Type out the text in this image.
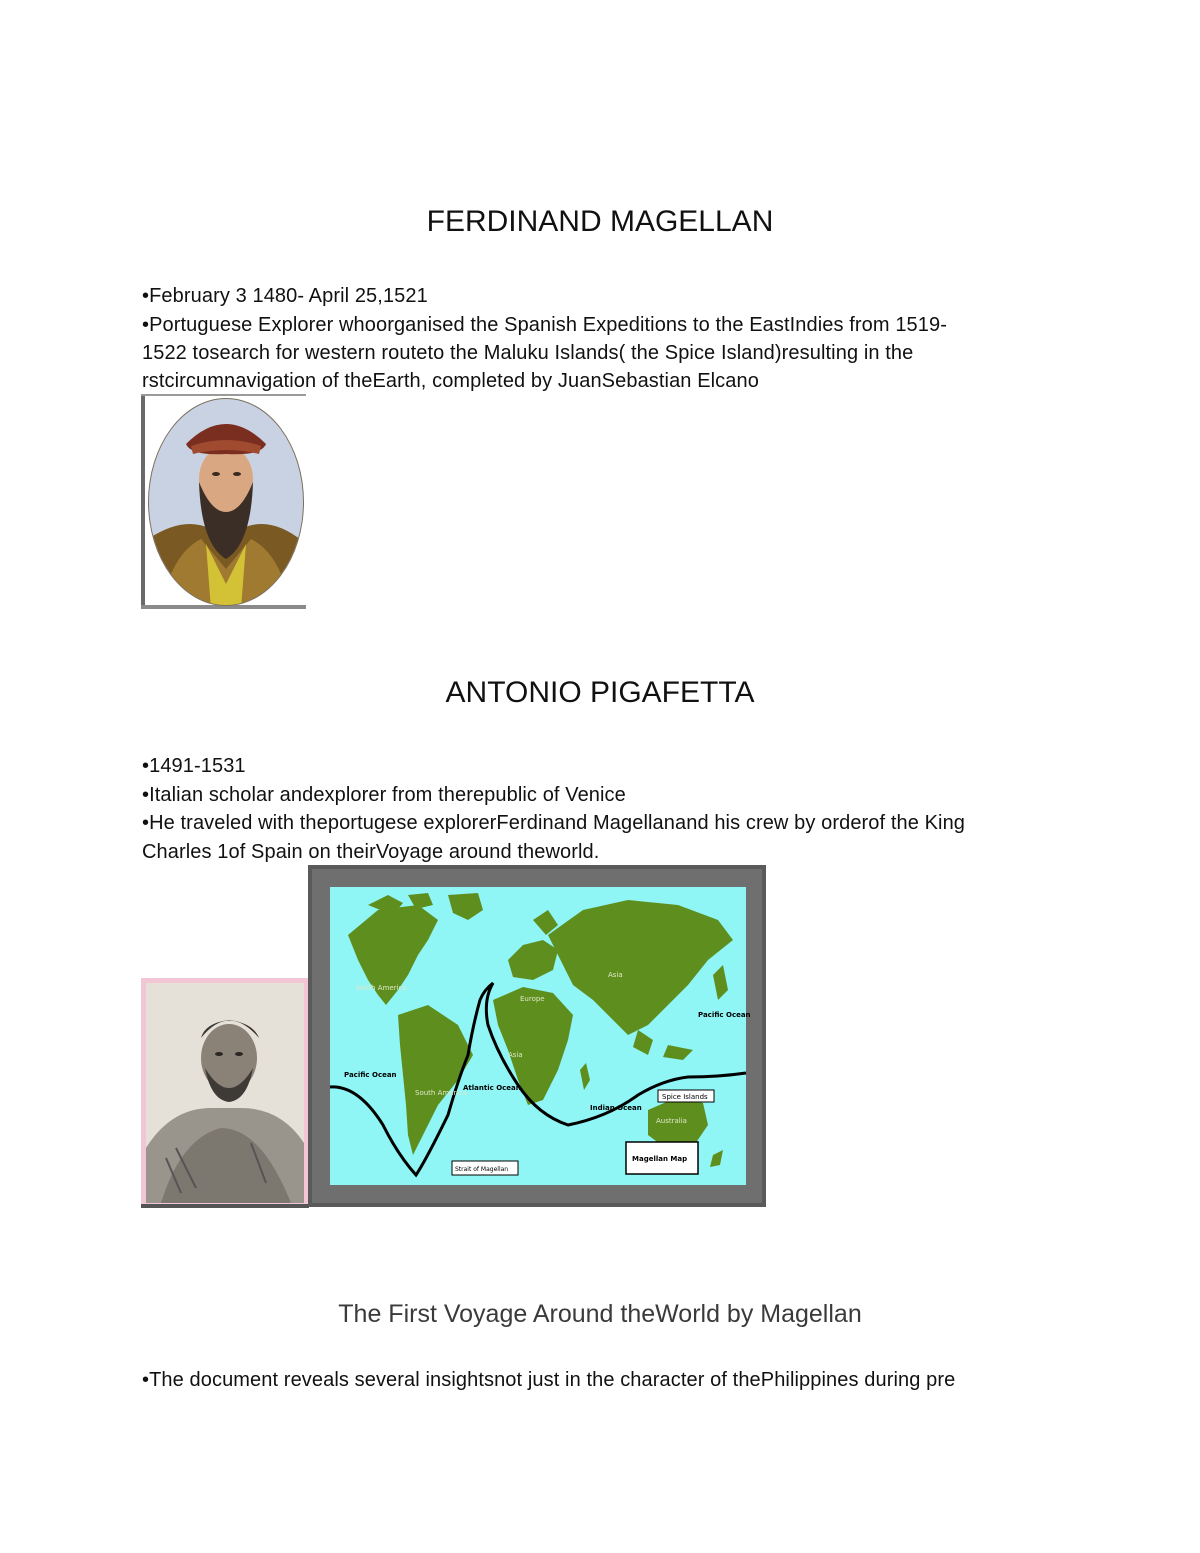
FERDINAND MAGELLAN
•February 3 1480- April 25,1521
•Portuguese Explorer whoorganised the Spanish Expeditions to the EastIndies from 1519-
1522 tosearch for western routeto the Maluku Islands( the Spice Island)resulting in the
rstcircumnavigation of theEarth, completed by JuanSebastian Elcano
ANTONIO PIGAFETTA
•1491-1531
•Italian scholar andexplorer from therepublic of Venice
•He traveled with theportugese explorerFerdinand Magellanand his crew by orderof the King
Charles 1of Spain on theirVoyage around theworld.
North America
South America
Europe
Asia
Asia
Australia
Pacific Ocean
Pacific Ocean
Atlantic Ocean
Indian Ocean
Spice Islands
Strait of Magellan
Magellan Map
The First Voyage Around theWorld by Magellan
•The document reveals several insightsnot just in the character of thePhilippines during pre
